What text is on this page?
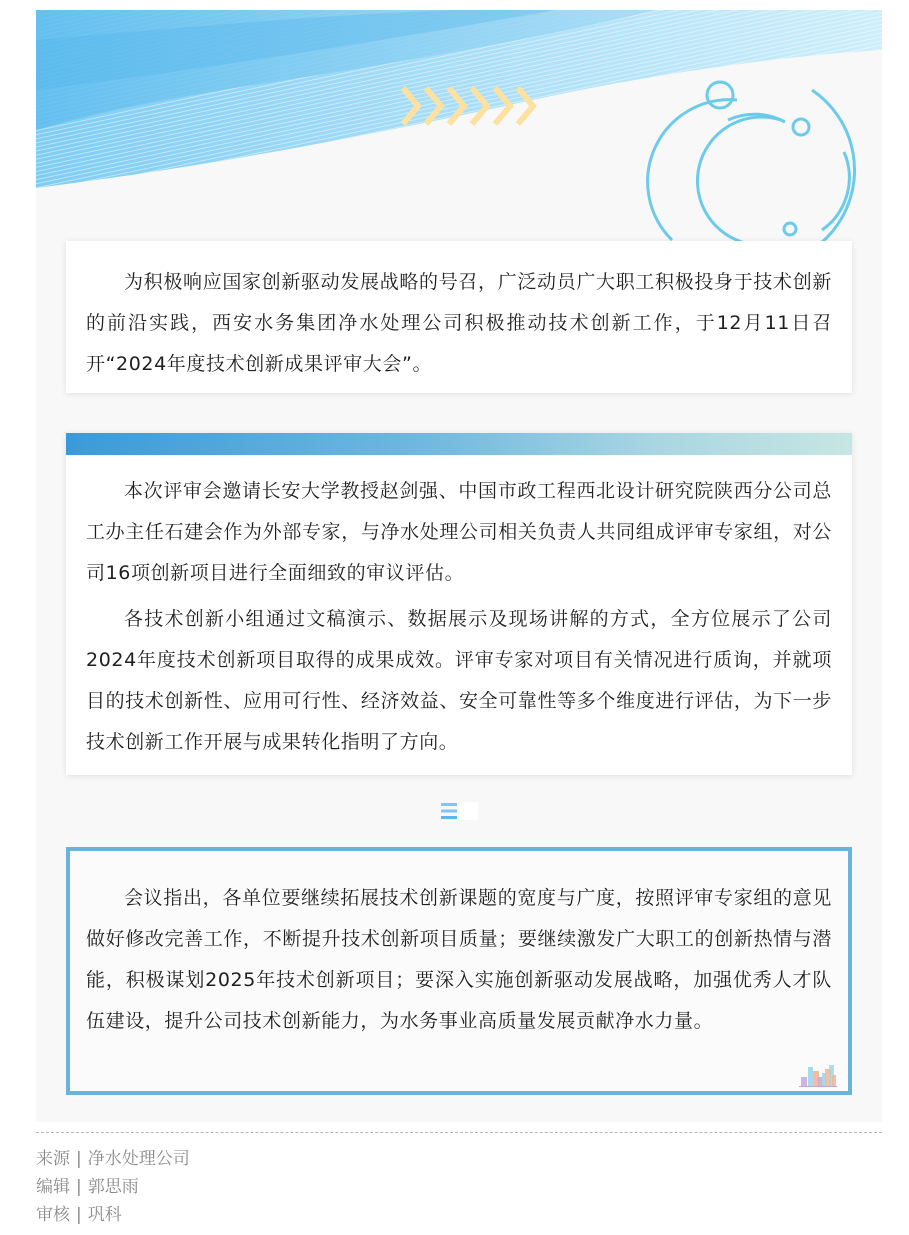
为积极响应国家创新驱动发展战略的号召，广泛动员广大职工积极投身于技术创新的前沿实践，西安水务集团净水处理公司积极推动技术创新工作，于12月11日召开“2024年度技术创新成果评审大会”。

本次评审会邀请长安大学教授赵剑强、中国市政工程西北设计研究院陕西分公司总工办主任石建会作为外部专家，与净水处理公司相关负责人共同组成评审专家组，对公司16项创新项目进行全面细致的审议评估。

各技术创新小组通过文稿演示、数据展示及现场讲解的方式，全方位展示了公司2024年度技术创新项目取得的成果成效。评审专家对项目有关情况进行质询，并就项目的技术创新性、应用可行性、经济效益、安全可靠性等多个维度进行评估，为下一步技术创新工作开展与成果转化指明了方向。

会议指出，各单位要继续拓展技术创新课题的宽度与广度，按照评审专家组的意见做好修改完善工作，不断提升技术创新项目质量；要继续激发广大职工的创新热情与潜能，积极谋划2025年技术创新项目；要深入实施创新驱动发展战略，加强优秀人才队伍建设，提升公司技术创新能力，为水务事业高质量发展贡献净水力量。

来源 | 净水处理公司
编辑 | 郭思雨
审核 | 巩科
